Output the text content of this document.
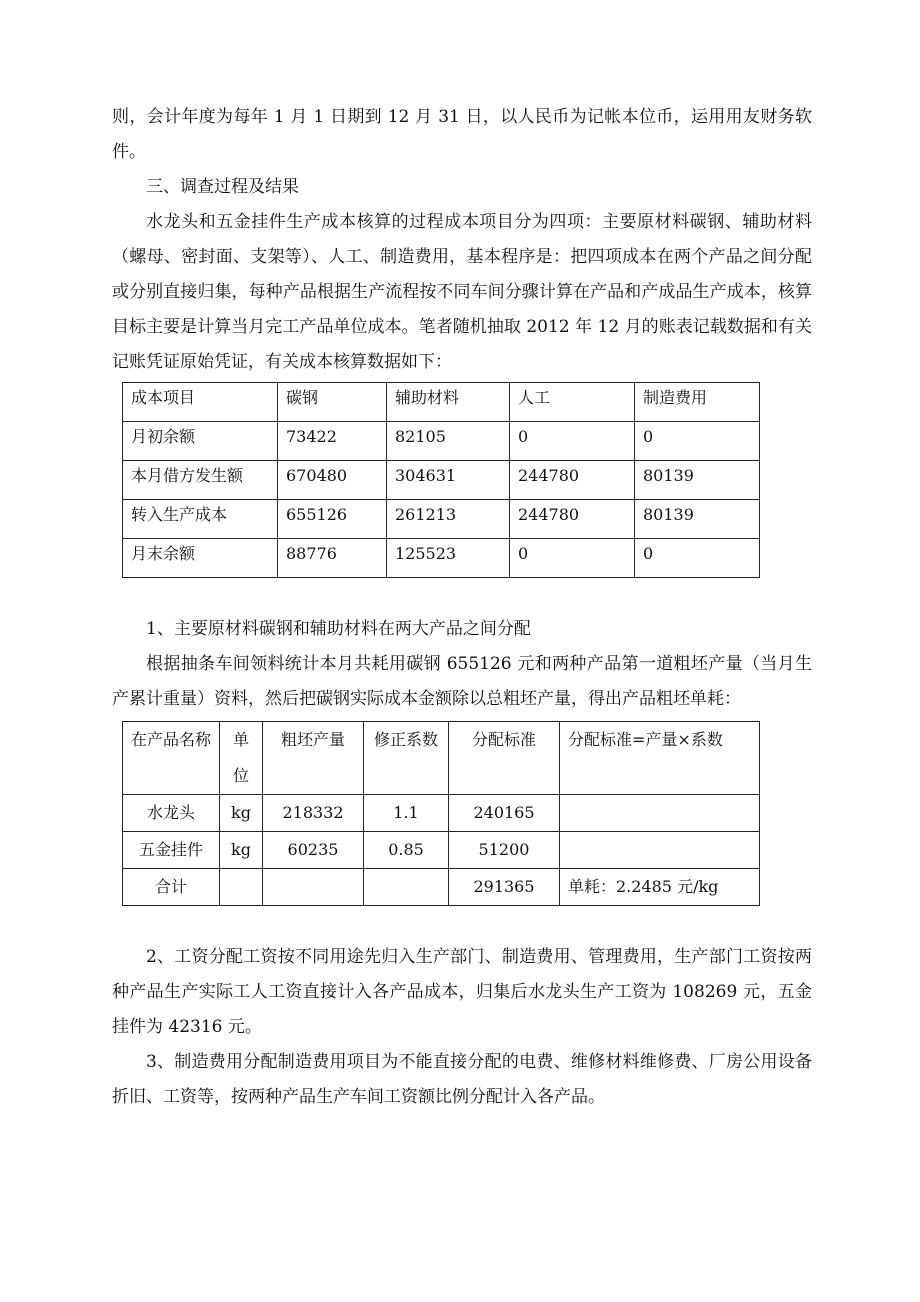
则，会计年度为每年 1 月 1 日期到 12 月 31 日，以人民币为记帐本位币，运用用友财务软件。

三、调查过程及结果

水龙头和五金挂件生产成本核算的过程成本项目分为四项：主要原材料碳钢、辅助材料（螺母、密封面、支架等）、人工、制造费用，基本程序是：把四项成本在两个产品之间分配或分别直接归集，每种产品根据生产流程按不同车间分骤计算在产品和产成品生产成本，核算目标主要是计算当月完工产品单位成本。笔者随机抽取 2012 年 12 月的账表记载数据和有关记账凭证原始凭证，有关成本核算数据如下：

成本项目	碳钢	辅助材料	人工	制造费用
月初余额	73422	82105	0	0
本月借方发生额	670480	304631	244780	80139
转入生产成本	655126	261213	244780	80139
月末余额	88776	125523	0	0

1、主要原材料碳钢和辅助材料在两大产品之间分配

根据抽条车间领料统计本月共耗用碳钢 655126 元和两种产品第一道粗坯产量（当月生产累计重量）资料，然后把碳钢实际成本金额除以总粗坯产量，得出产品粗坯单耗：

在产品名称	单位	粗坯产量	修正系数	分配标准	分配标准=产量×系数
水龙头	kg	218332	1.1	240165	
五金挂件	kg	60235	0.85	51200	
合计				291365	单耗：2.2485 元/kg

2、工资分配工资按不同用途先归入生产部门、制造费用、管理费用，生产部门工资按两种产品生产实际工人工资直接计入各产品成本，归集后水龙头生产工资为 108269 元，五金挂件为 42316 元。

3、制造费用分配制造费用项目为不能直接分配的电费、维修材料维修费、厂房公用设备折旧、工资等，按两种产品生产车间工资额比例分配计入各产品。
